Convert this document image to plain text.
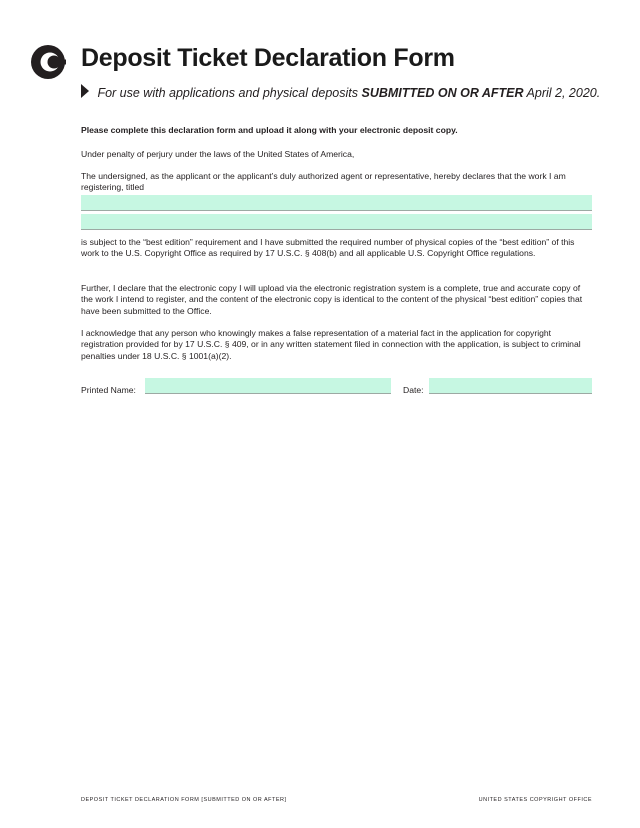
Deposit Ticket Declaration Form
For use with applications and physical deposits SUBMITTED ON OR AFTER April 2, 2020.

Please complete this declaration form and upload it along with your electronic deposit copy.

Under penalty of perjury under the laws of the United States of America,

The undersigned, as the applicant or the applicant’s duly authorized agent or representative, hereby declares that the work I am registering, titled

is subject to the “best edition” requirement and I have submitted the required number of physical copies of the “best edition” of this work to the U.S. Copyright Office as required by 17 U.S.C. § 408(b) and all applicable U.S. Copyright Office regulations.

Further, I declare that the electronic copy I will upload via the electronic registration system is a complete, true and accurate copy of the work I intend to register, and the content of the electronic copy is identical to the content of the physical “best edition” copies that have been submitted to the Office.

I acknowledge that any person who knowingly makes a false representation of a material fact in the application for copyright registration provided for by 17 U.S.C. § 409, or in any written statement filed in connection with the application, is subject to criminal penalties under 18 U.S.C. § 1001(a)(2).

Printed Name:	Date:
DEPOSIT TICKET DECLARATION FORM [SUBMITTED ON OR AFTER]	UNITED STATES COPYRIGHT OFFICE
